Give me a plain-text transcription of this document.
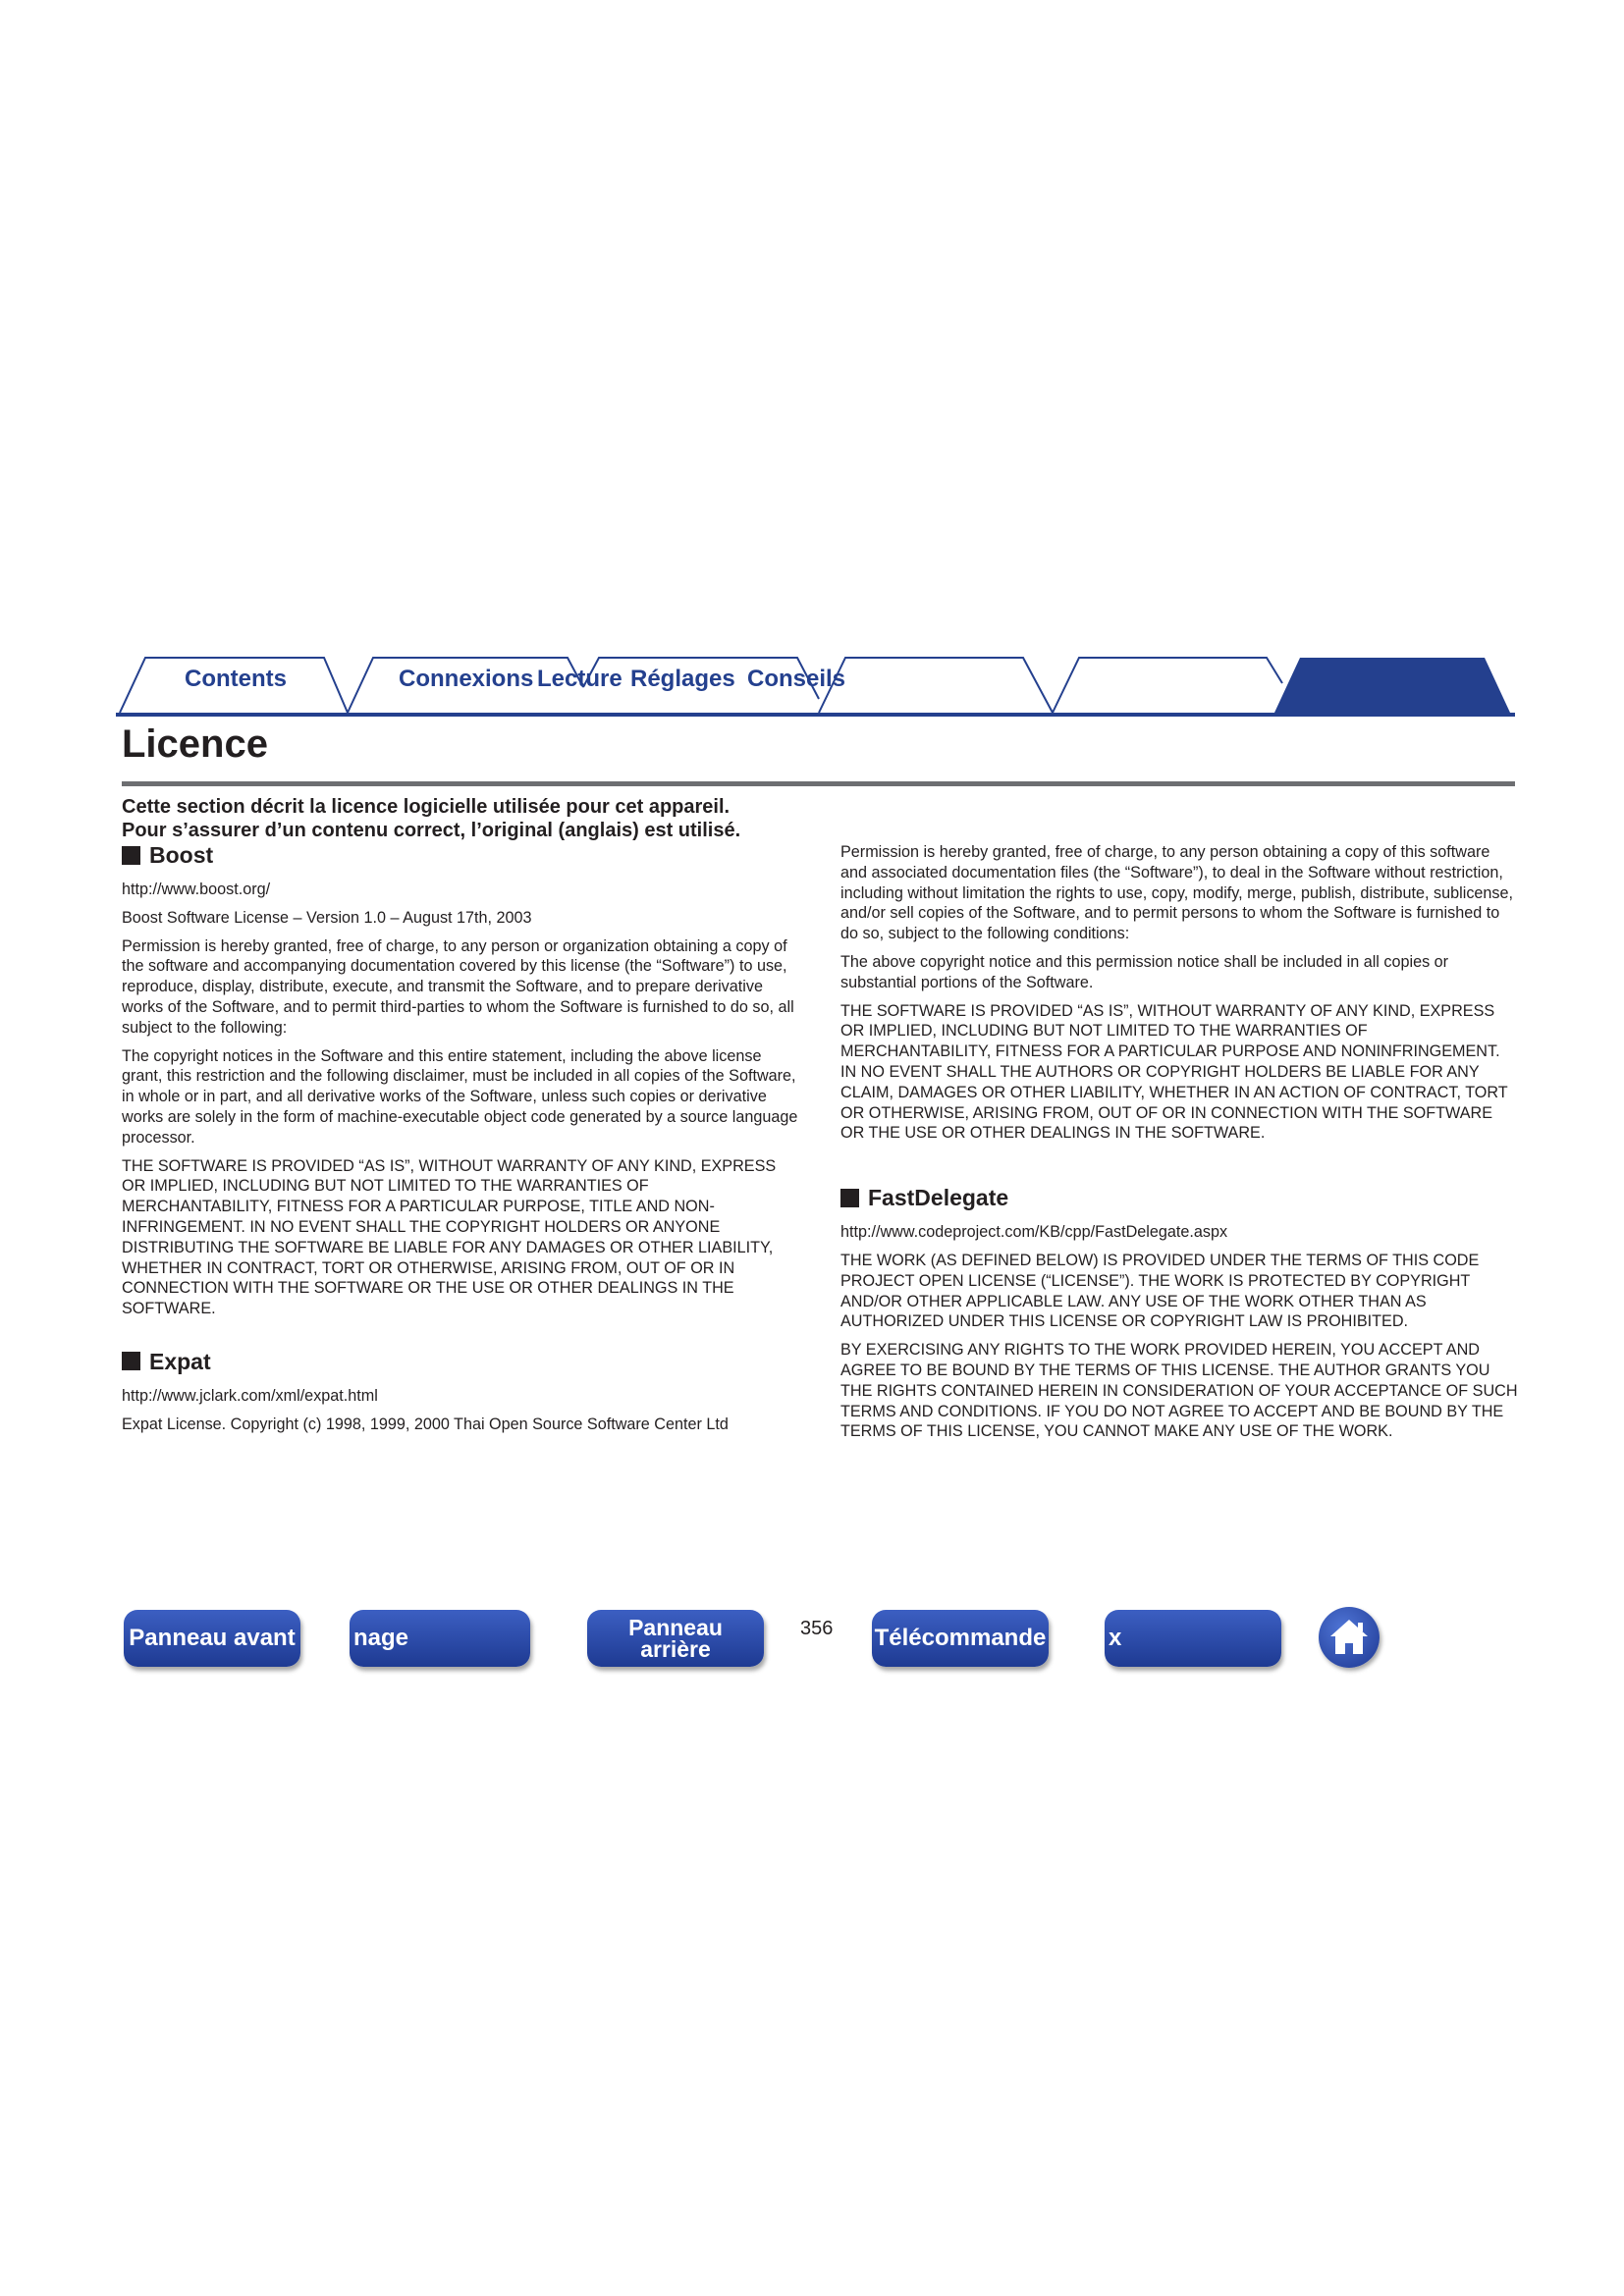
Contents	Connexions Lecture Réglages Conseils
Licence
Cette section décrit la licence logicielle utilisée pour cet appareil.
Pour s’assurer d’un contenu correct, l’original (anglais) est utilisé.
Boost
http://www.boost.org/
Boost Software License – Version 1.0 – August 17th, 2003
Permission is hereby granted, free of charge, to any person or organization obtaining a copy of the software and accompanying documentation covered by this license (the “Software”) to use, reproduce, display, distribute, execute, and transmit the Software, and to prepare derivative works of the Software, and to permit third-parties to whom the Software is furnished to do so, all subject to the following:
The copyright notices in the Software and this entire statement, including the above license grant, this restriction and the following disclaimer, must be included in all copies of the Software, in whole or in part, and all derivative works of the Software, unless such copies or derivative works are solely in the form of machine-executable object code generated by a source language processor.
THE SOFTWARE IS PROVIDED “AS IS”, WITHOUT WARRANTY OF ANY KIND, EXPRESS OR IMPLIED, INCLUDING BUT NOT LIMITED TO THE WARRANTIES OF MERCHANTABILITY, FITNESS FOR A PARTICULAR PURPOSE, TITLE AND NON-INFRINGEMENT. IN NO EVENT SHALL THE COPYRIGHT HOLDERS OR ANYONE DISTRIBUTING THE SOFTWARE BE LIABLE FOR ANY DAMAGES OR OTHER LIABILITY, WHETHER IN CONTRACT, TORT OR OTHERWISE, ARISING FROM, OUT OF OR IN CONNECTION WITH THE SOFTWARE OR THE USE OR OTHER DEALINGS IN THE SOFTWARE.
Expat
http://www.jclark.com/xml/expat.html
Expat License. Copyright (c) 1998, 1999, 2000 Thai Open Source Software Center Ltd
Permission is hereby granted, free of charge, to any person obtaining a copy of this software and associated documentation files (the “Software”), to deal in the Software without restriction, including without limitation the rights to use, copy, modify, merge, publish, distribute, sublicense, and/or sell copies of the Software, and to permit persons to whom the Software is furnished to do so, subject to the following conditions:
The above copyright notice and this permission notice shall be included in all copies or substantial portions of the Software.
THE SOFTWARE IS PROVIDED “AS IS”, WITHOUT WARRANTY OF ANY KIND, EXPRESS OR IMPLIED, INCLUDING BUT NOT LIMITED TO THE WARRANTIES OF MERCHANTABILITY, FITNESS FOR A PARTICULAR PURPOSE AND NONINFRINGEMENT. IN NO EVENT SHALL THE AUTHORS OR COPYRIGHT HOLDERS BE LIABLE FOR ANY CLAIM, DAMAGES OR OTHER LIABILITY, WHETHER IN AN ACTION OF CONTRACT, TORT OR OTHERWISE, ARISING FROM, OUT OF OR IN CONNECTION WITH THE SOFTWARE OR THE USE OR OTHER DEALINGS IN THE SOFTWARE.
FastDelegate
http://www.codeproject.com/KB/cpp/FastDelegate.aspx
THE WORK (AS DEFINED BELOW) IS PROVIDED UNDER THE TERMS OF THIS CODE PROJECT OPEN LICENSE (“LICENSE”). THE WORK IS PROTECTED BY COPYRIGHT AND/OR OTHER APPLICABLE LAW. ANY USE OF THE WORK OTHER THAN AS AUTHORIZED UNDER THIS LICENSE OR COPYRIGHT LAW IS PROHIBITED.
BY EXERCISING ANY RIGHTS TO THE WORK PROVIDED HEREIN, YOU ACCEPT AND AGREE TO BE BOUND BY THE TERMS OF THIS LICENSE. THE AUTHOR GRANTS YOU THE RIGHTS CONTAINED HEREIN IN CONSIDERATION OF YOUR ACCEPTANCE OF SUCH TERMS AND CONDITIONS. IF YOU DO NOT AGREE TO ACCEPT AND BE BOUND BY THE TERMS OF THIS LICENSE, YOU CANNOT MAKE ANY USE OF THE WORK.
Panneau avant nage	Panneau arrière
356 Télécommande	x
